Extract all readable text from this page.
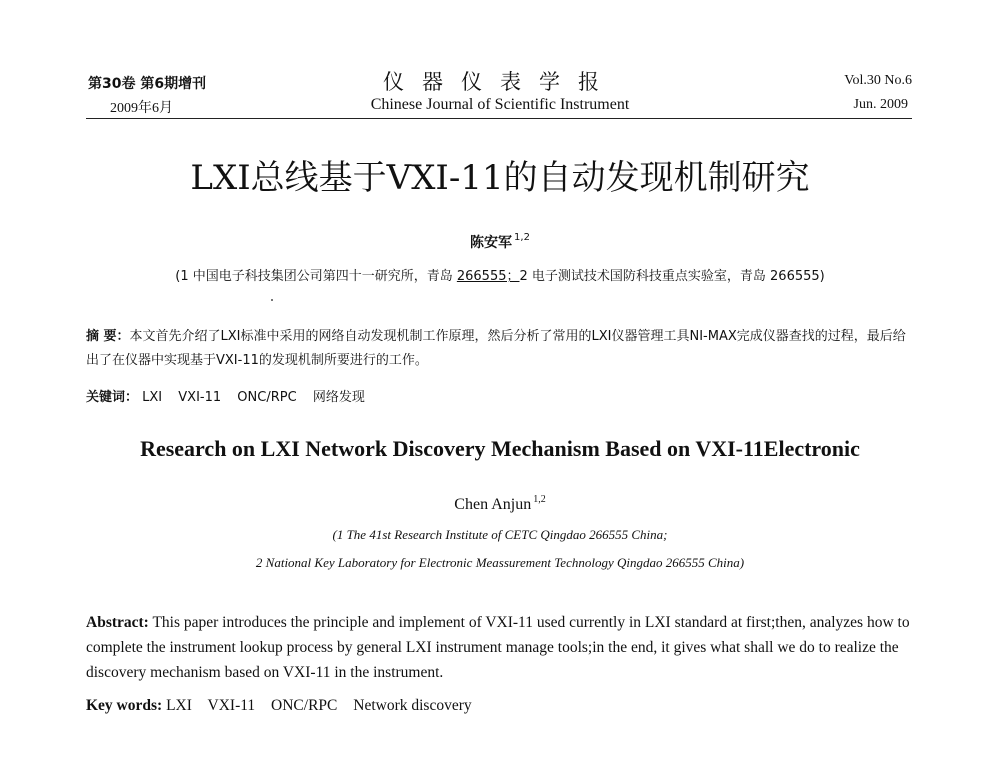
第30卷 第6期增刊
2009年6月
仪器仪表学报
Chinese Journal of Scientific Instrument
Vol.30 No.6
Jun. 2009
LXI总线基于VXI-11的自动发现机制研究
陈安军 $^{1,2}$
(1 中国电子科技集团公司第四十一研究所，青岛 266555；2 电子测试技术国防科技重点实验室，青岛 266555)
摘 要：本文首先介绍了LXI标准中采用的网络自动发现机制工作原理，然后分析了常用的LXI仪器管理工具NI-MAX完成仪器查找的过程，最后给出了在仪器中实现基于VXI-11的发现机制所要进行的工作。
关键词： LXI VXI-11 ONC/RPC 网络发现
Research on LXI Network Discovery Mechanism Based on VXI-11Electronic
Chen Anjun $^{1,2}$
(1 The 41st Research Institute of CETC Qingdao 266555 China;
2 National Key Laboratory for Electronic Meassurement Technology Qingdao 266555 China)
Abstract: This paper introduces the principle and implement of VXI-11 used currently in LXI standard at first;then, analyzes how to complete the instrument lookup process by general LXI instrument manage tools;in the end, it gives what shall we do to realize the discovery mechanism based on VXI-11 in the instrument.
Key words: LXI VXI-11 ONC/RPC Network discovery
